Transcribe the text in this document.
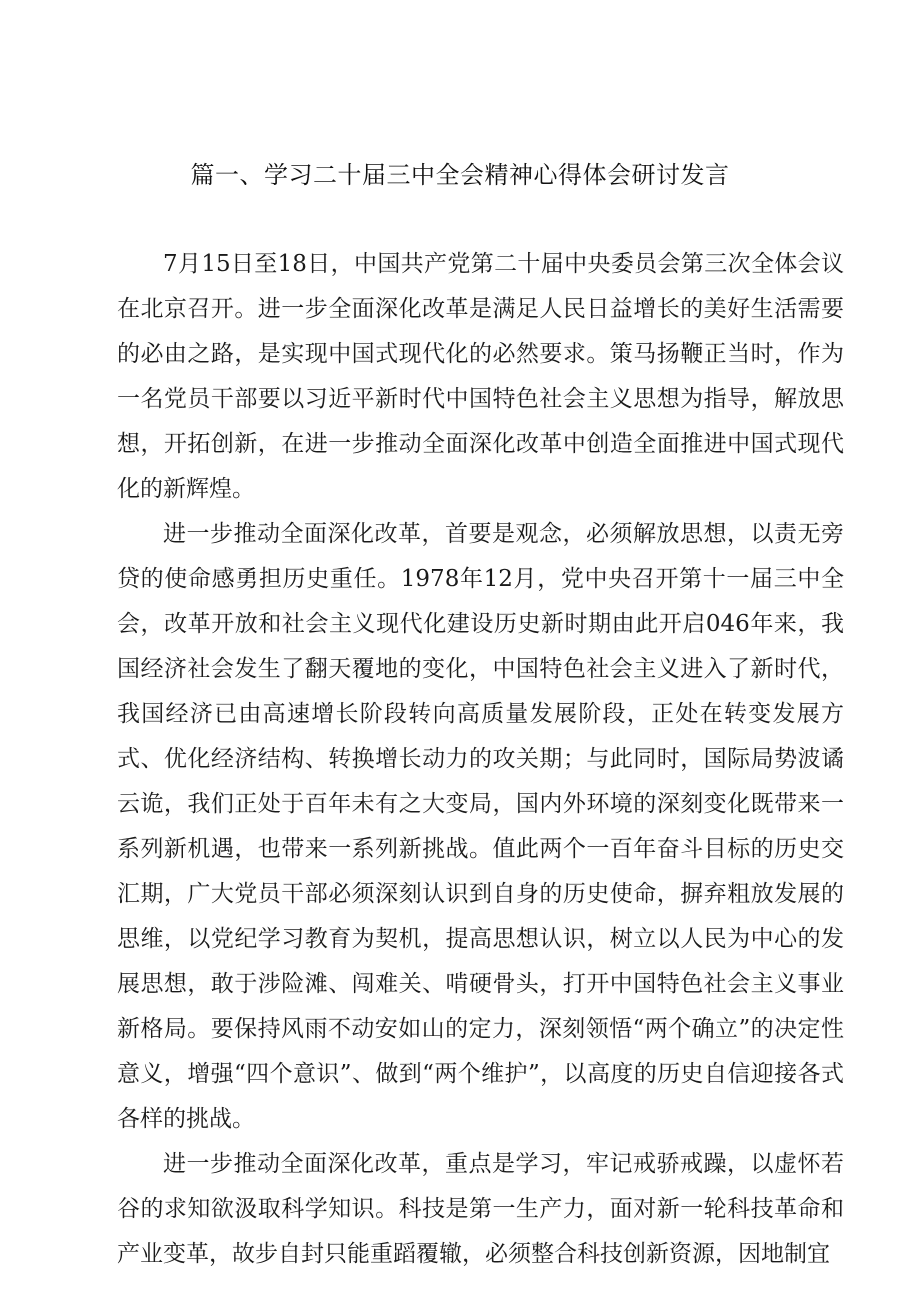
篇一、学习二十届三中全会精神心得体会研讨发言

7月15日至18日，中国共产党第二十届中央委员会第三次全体会议在北京召开。进一步全面深化改革是满足人民日益增长的美好生活需要的必由之路，是实现中国式现代化的必然要求。策马扬鞭正当时，作为一名党员干部要以习近平新时代中国特色社会主义思想为指导，解放思想，开拓创新，在进一步推动全面深化改革中创造全面推进中国式现代化的新辉煌。

进一步推动全面深化改革，首要是观念，必须解放思想，以责无旁贷的使命感勇担历史重任。1978年12月，党中央召开第十一届三中全会，改革开放和社会主义现代化建设历史新时期由此开启046年来，我国经济社会发生了翻天覆地的变化，中国特色社会主义进入了新时代，我国经济已由高速增长阶段转向高质量发展阶段，正处在转变发展方式、优化经济结构、转换增长动力的攻关期；与此同时，国际局势波谲云诡，我们正处于百年未有之大变局，国内外环境的深刻变化既带来一系列新机遇，也带来一系列新挑战。值此两个一百年奋斗目标的历史交汇期，广大党员干部必须深刻认识到自身的历史使命，摒弃粗放发展的思维，以党纪学习教育为契机，提高思想认识，树立以人民为中心的发展思想，敢于涉险滩、闯难关、啃硬骨头，打开中国特色社会主义事业新格局。要保持风雨不动安如山的定力，深刻领悟“两个确立”的决定性意义，增强“四个意识”、做到“两个维护”，以高度的历史自信迎接各式各样的挑战。

进一步推动全面深化改革，重点是学习，牢记戒骄戒躁，以虚怀若谷的求知欲汲取科学知识。科技是第一生产力，面对新一轮科技革命和产业变革，故步自封只能重蹈覆辙，必须整合科技创新资源，因地制宜
